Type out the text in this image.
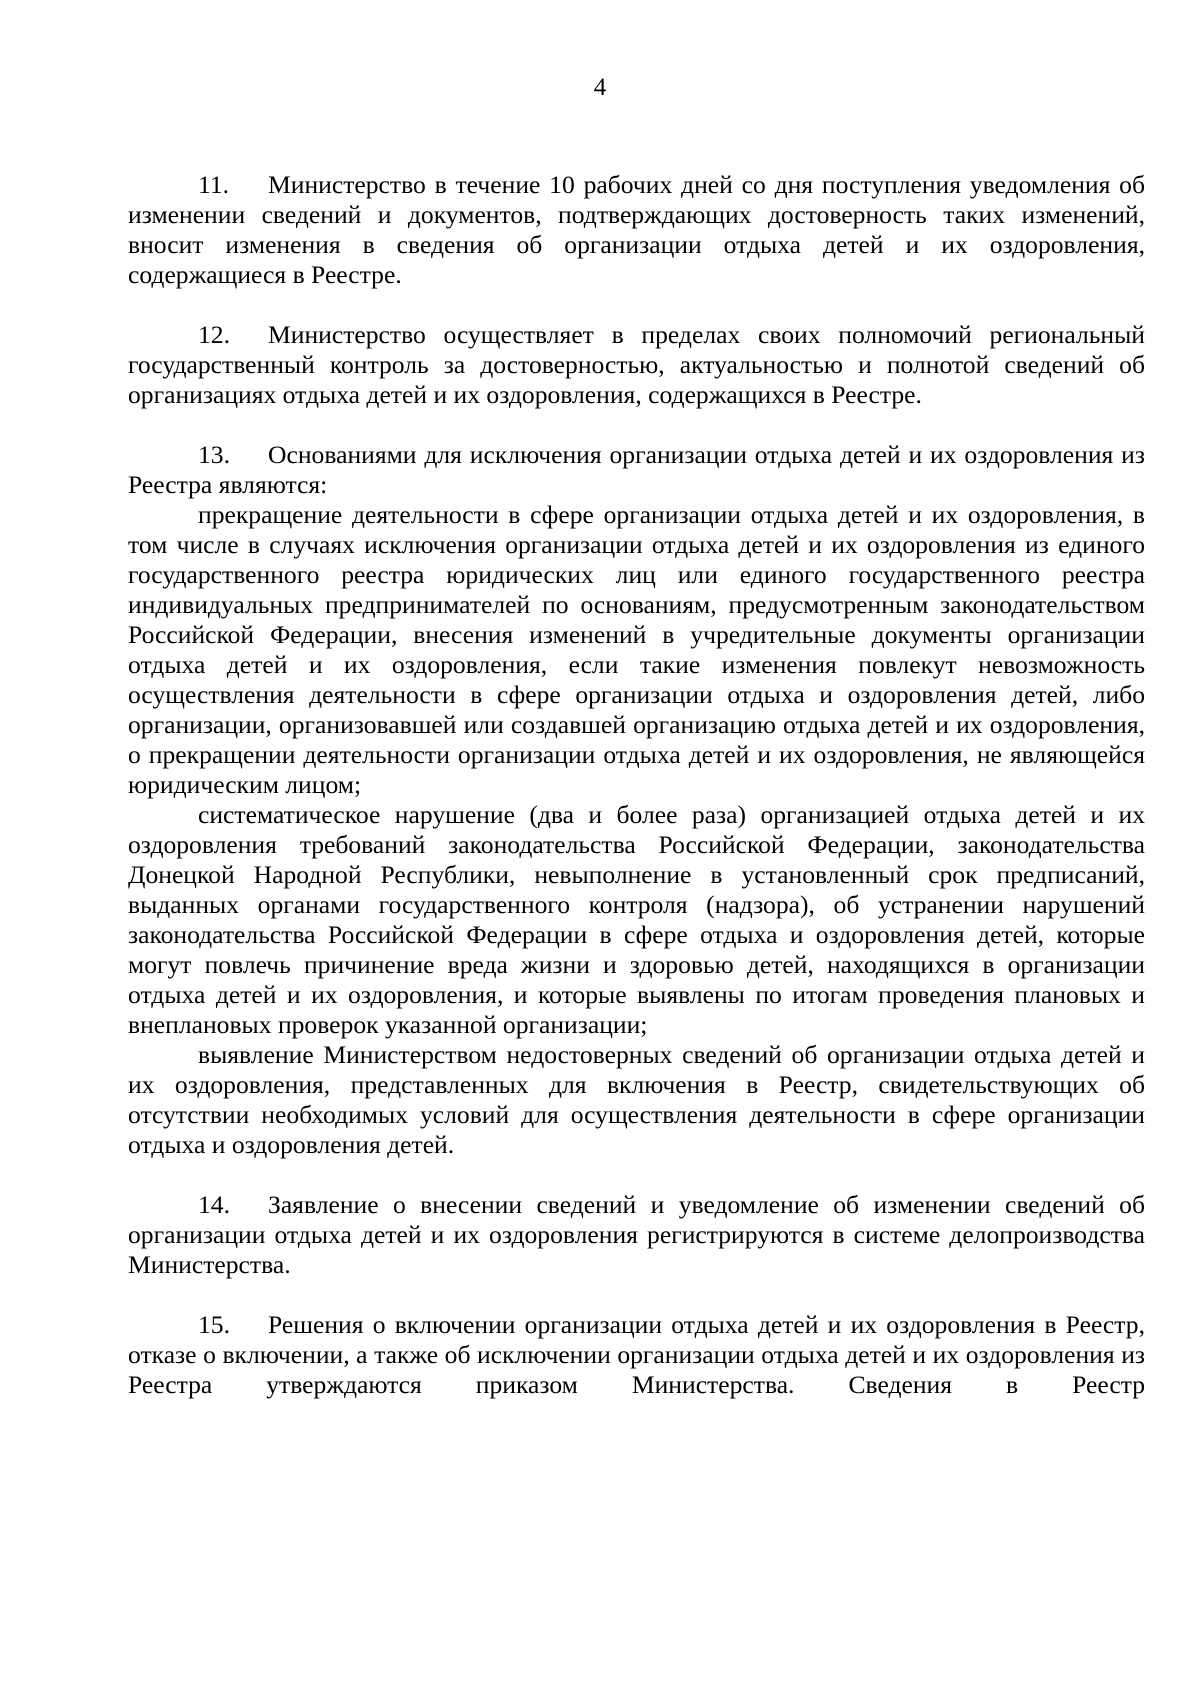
4

11. Министерство в течение 10 рабочих дней со дня поступления уведомления об изменении сведений и документов, подтверждающих достоверность таких изменений, вносит изменения в сведения об организации отдыха детей и их оздоровления, содержащиеся в Реестре.

12. Министерство осуществляет в пределах своих полномочий региональный государственный контроль за достоверностью, актуальностью и полнотой сведений об организациях отдыха детей и их оздоровления, содержащихся в Реестре.

13. Основаниями для исключения организации отдыха детей и их оздоровления из Реестра являются:

прекращение деятельности в сфере организации отдыха детей и их оздоровления, в том числе в случаях исключения организации отдыха детей и их оздоровления из единого государственного реестра юридических лиц или единого государственного реестра индивидуальных предпринимателей по основаниям, предусмотренным законодательством Российской Федерации, внесения изменений в учредительные документы организации отдыха детей и их оздоровления, если такие изменения повлекут невозможность осуществления деятельности в сфере организации отдыха и оздоровления детей, либо организации, организовавшей или создавшей организацию отдыха детей и их оздоровления, о прекращении деятельности организации отдыха детей и их оздоровления, не являющейся юридическим лицом;

систематическое нарушение (два и более раза) организацией отдыха детей и их оздоровления требований законодательства Российской Федерации, законодательства Донецкой Народной Республики, невыполнение в установленный срок предписаний, выданных органами государственного контроля (надзора), об устранении нарушений законодательства Российской Федерации в сфере отдыха и оздоровления детей, которые могут повлечь причинение вреда жизни и здоровью детей, находящихся в организации отдыха детей и их оздоровления, и которые выявлены по итогам проведения плановых и внеплановых проверок указанной организации;

выявление Министерством недостоверных сведений об организации отдыха детей и их оздоровления, представленных для включения в Реестр, свидетельствующих об отсутствии необходимых условий для осуществления деятельности в сфере организации отдыха и оздоровления детей.

14. Заявление о внесении сведений и уведомление об изменении сведений об организации отдыха детей и их оздоровления регистрируются в системе делопроизводства Министерства.

15. Решения о включении организации отдыха детей и их оздоровления в Реестр, отказе о включении, а также об исключении организации отдыха детей и их оздоровления из Реестра утверждаются приказом Министерства. Сведения в Реестр
